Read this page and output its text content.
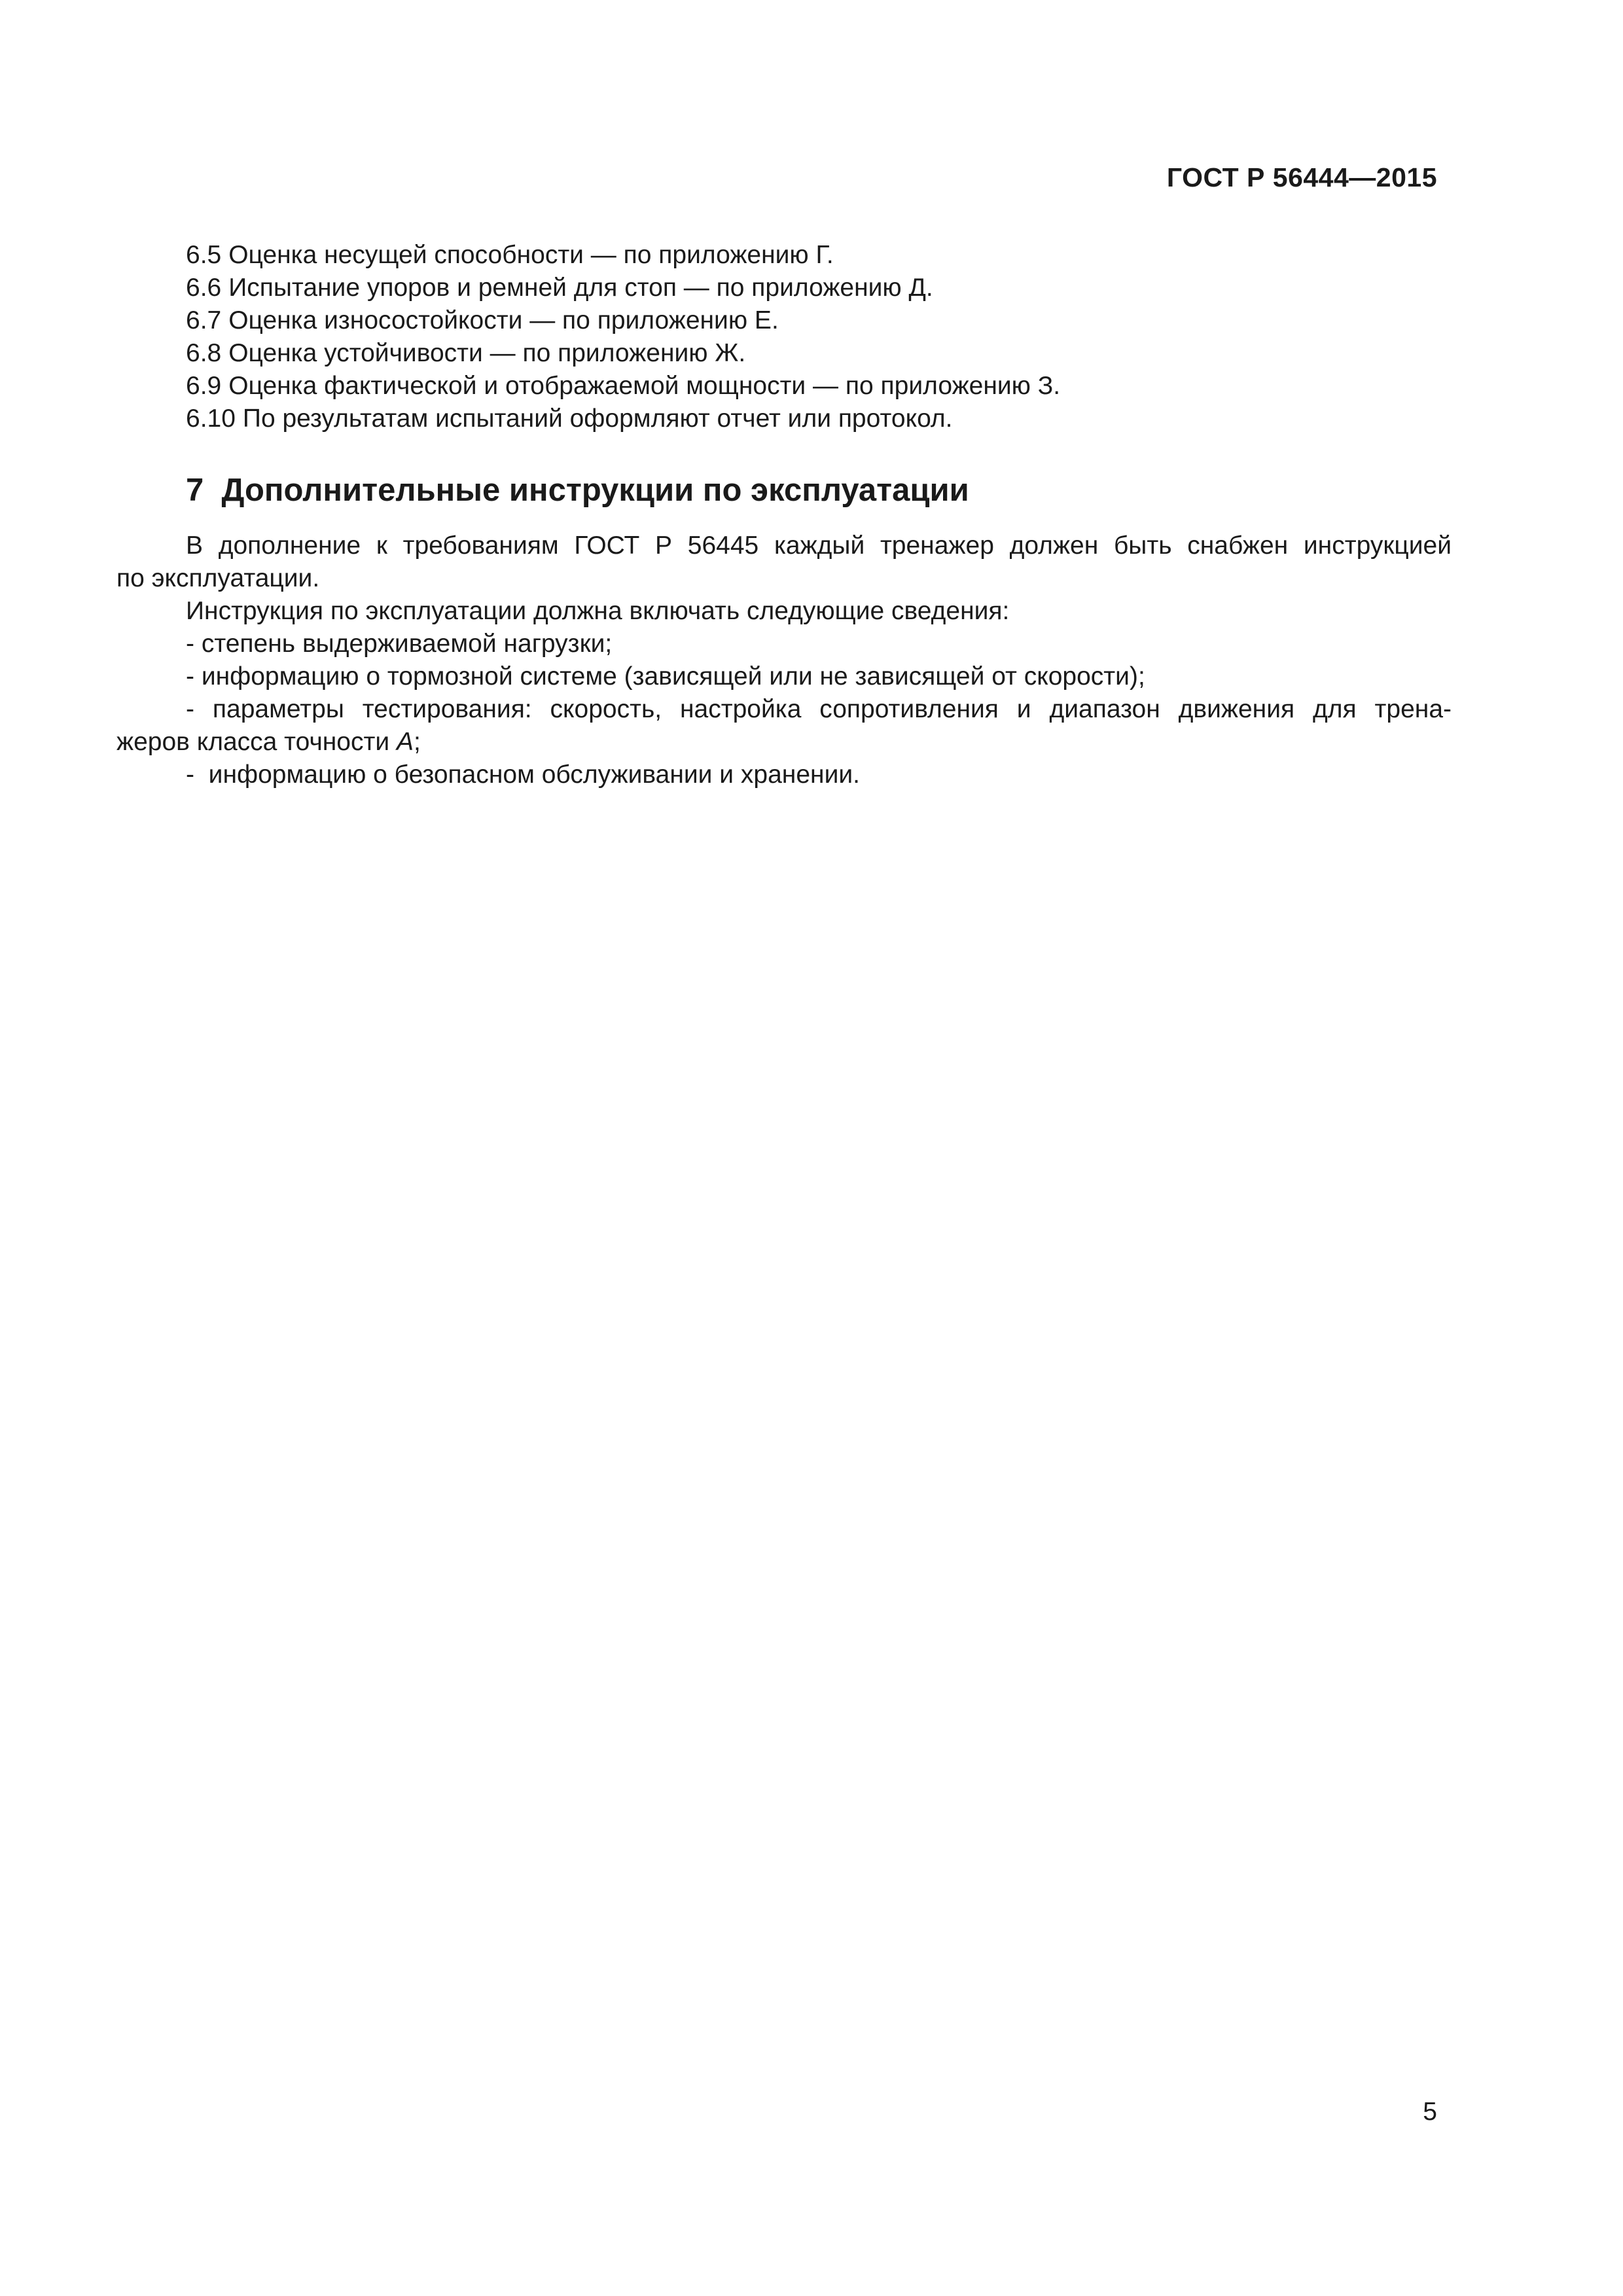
ГОСТ Р 56444—2015
6.5 Оценка несущей способности — по приложению Г.
6.6 Испытание упоров и ремней для стоп — по приложению Д.
6.7 Оценка износостойкости — по приложению Е.
6.8 Оценка устойчивости — по приложению Ж.
6.9 Оценка фактической и отображаемой мощности — по приложению З.
6.10 По результатам испытаний оформляют отчет или протокол.
7 Дополнительные инструкции по эксплуатации
В дополнение к требованиям ГОСТ Р 56445 каждый тренажер должен быть снабжен инструкцией
по эксплуатации.
Инструкция по эксплуатации должна включать следующие сведения:
- степень выдерживаемой нагрузки;
- информацию о тормозной системе (зависящей или не зависящей от скорости);
- параметры тестирования: скорость, настройка сопротивления и диапазон движения для трена-
жеров класса точности А;
-  информацию о безопасном обслуживании и хранении.
5
